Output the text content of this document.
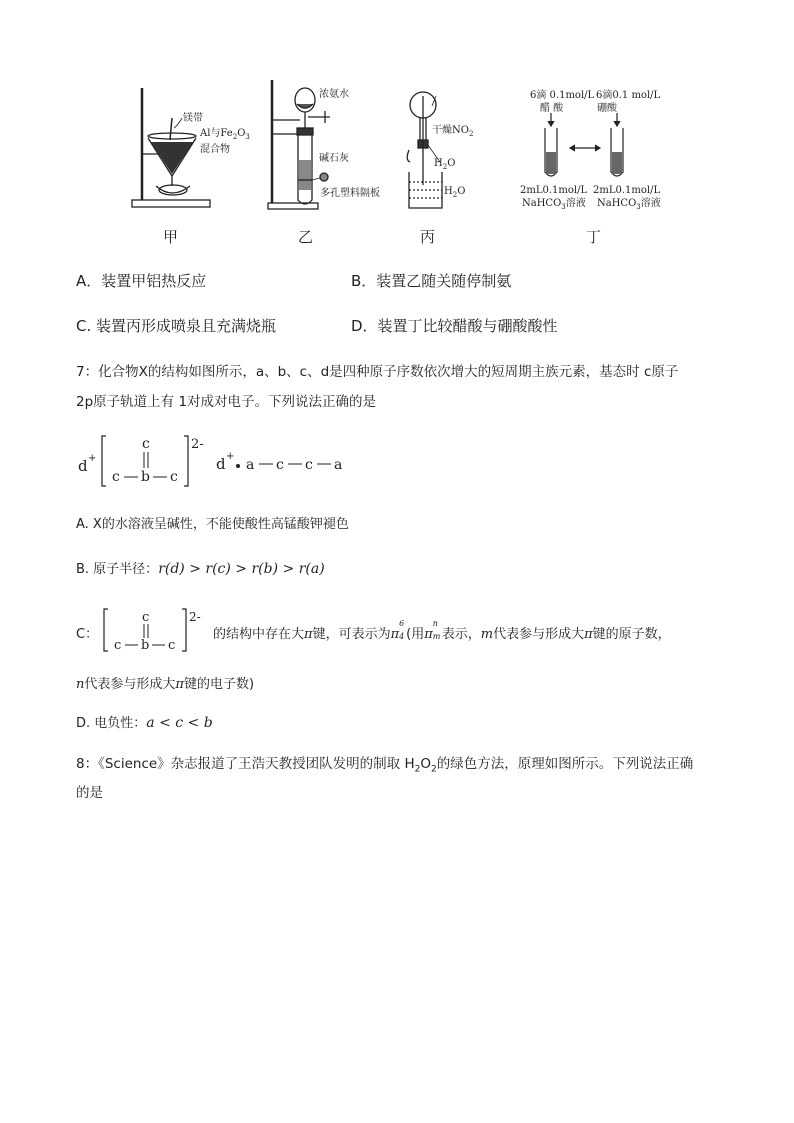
镁带
Al与$Fe_2O_3$
混合物
浓氨水
碱石灰
多孔塑料隔板
干燥$NO_2$
$H_2O$
$H_2O$
6滴 0.1mol/L
醋 酸
6滴0.1 mol/L
硼酸
2mL0.1mol/L
NaHCO$_3$溶液
2mL0.1mol/L
NaHCO$_3$溶液
甲	乙	丙	丁
A．装置甲铝热反应	B．装置乙随关随停制氨
C. 装置丙形成喷泉且充满烧瓶	D．装置丁比较醋酸与硼酸酸性
7：化合物X的结构如图所示，a、b、c、d是四种原子序数依次增大的短周期主族元素，基态时 c原子
2p原子轨道上有 1对成对电子。下列说法正确的是
d +
c
c b c
2-
d +
a c c a
A. X的水溶液呈碱性，不能使酸性高锰酸钾褪色
B. 原子半径：r(d) > r(c) > r(b) > r(a)
C：
c
c b c
2-
的结构中存在大π键，可表示为π
6
4 (用π
n
m 表示，m代表参与形成大π键的原子数，
n代表参与形成大π键的电子数)
D. 电负性：a < c < b
8：《Science》杂志报道了王浩天教授团队发明的制取 $H_2O_2$的绿色方法，原理如图所示。下列说法正确
的是
